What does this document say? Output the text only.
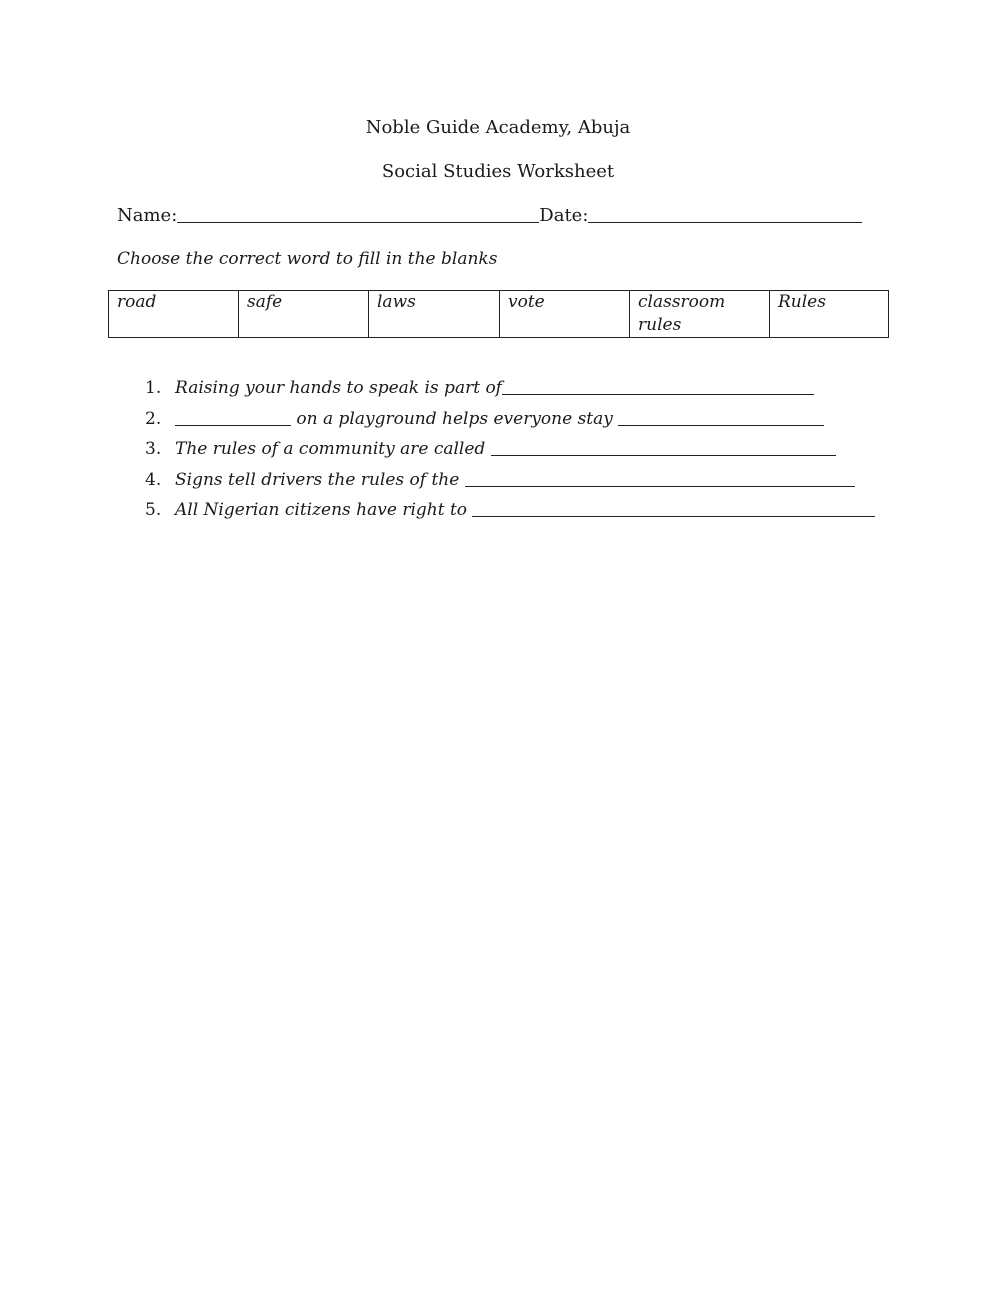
Noble Guide Academy, Abuja
Social Studies Worksheet
Name:	Date:
Choose the correct word to fill in the blanks
road	safe	laws	vote	classroom rules	Rules
1. Raising your hands to speak is part of
2.	on a playground helps everyone stay
3. The rules of a community are called
4. Signs tell drivers the rules of the
5. All Nigerian citizens have right to
